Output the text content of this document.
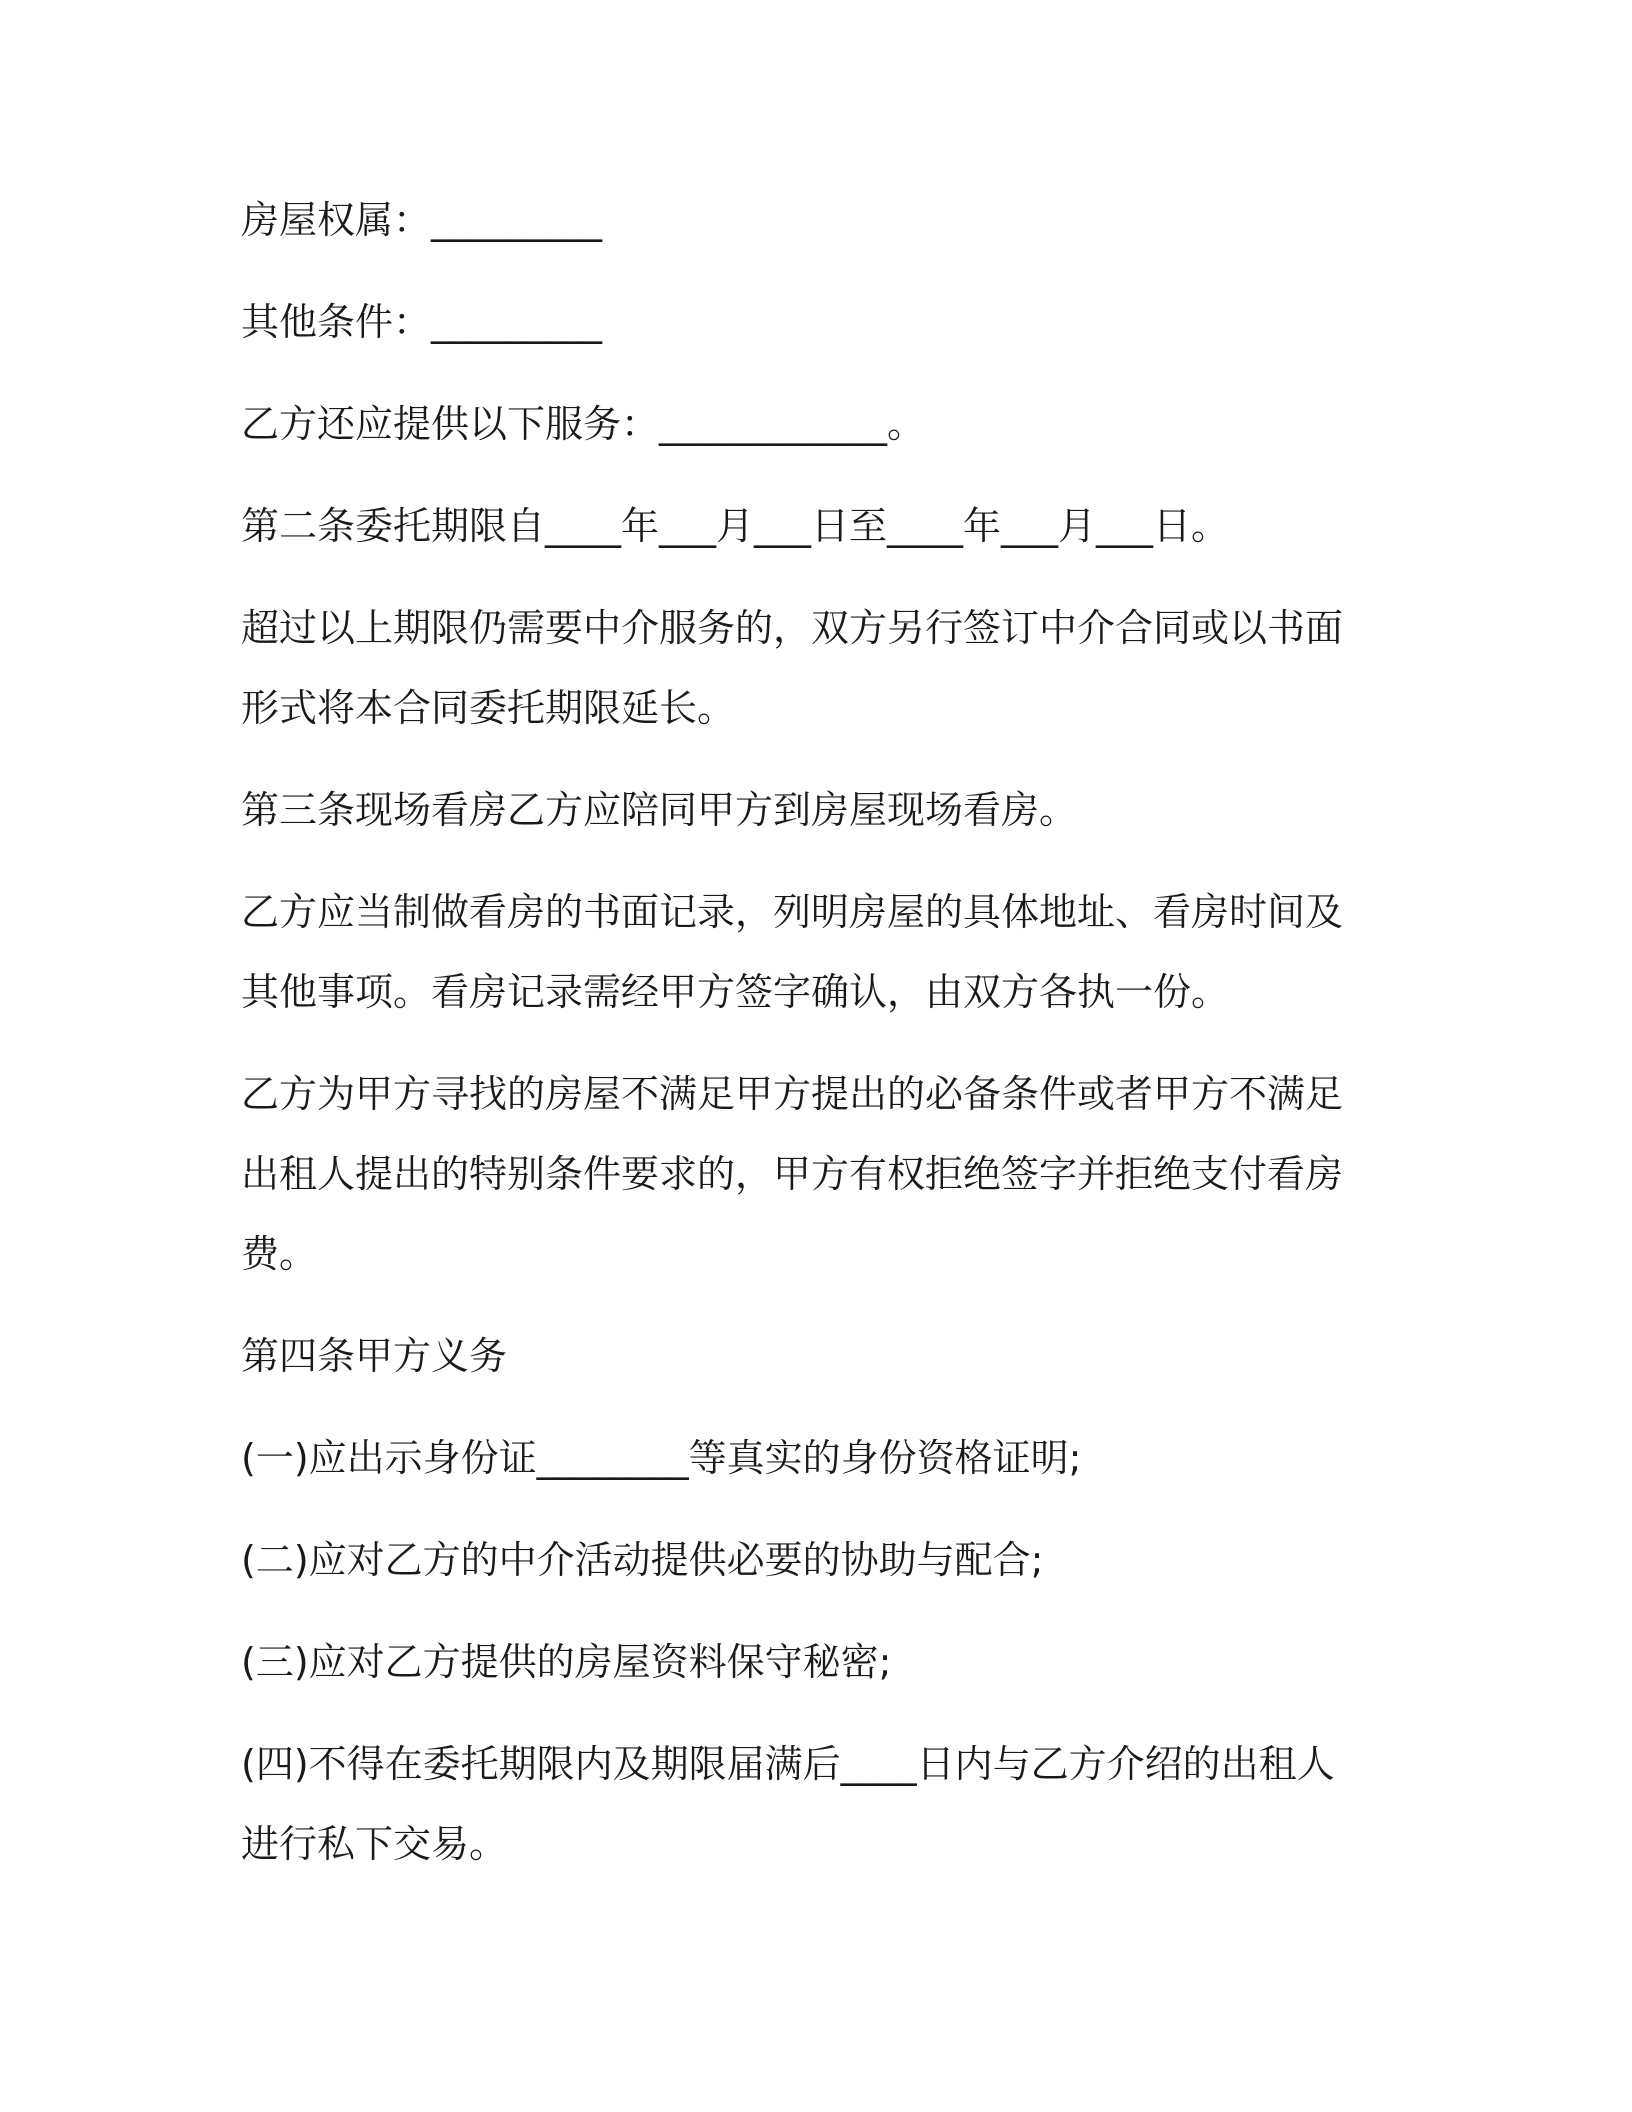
房屋权属：_________

其他条件：_________

乙方还应提供以下服务：____________。

第二条委托期限自____年___月___日至____年___月___日。

超过以上期限仍需要中介服务的，双方另行签订中介合同或以书面形式将本合同委托期限延长。

第三条现场看房乙方应陪同甲方到房屋现场看房。

乙方应当制做看房的书面记录，列明房屋的具体地址、看房时间及其他事项。看房记录需经甲方签字确认，由双方各执一份。

乙方为甲方寻找的房屋不满足甲方提出的必备条件或者甲方不满足出租人提出的特别条件要求的，甲方有权拒绝签字并拒绝支付看房费。

第四条甲方义务

(一)应出示身份证________等真实的身份资格证明;

(二)应对乙方的中介活动提供必要的协助与配合;

(三)应对乙方提供的房屋资料保守秘密;

(四)不得在委托期限内及期限届满后____日内与乙方介绍的出租人进行私下交易。
